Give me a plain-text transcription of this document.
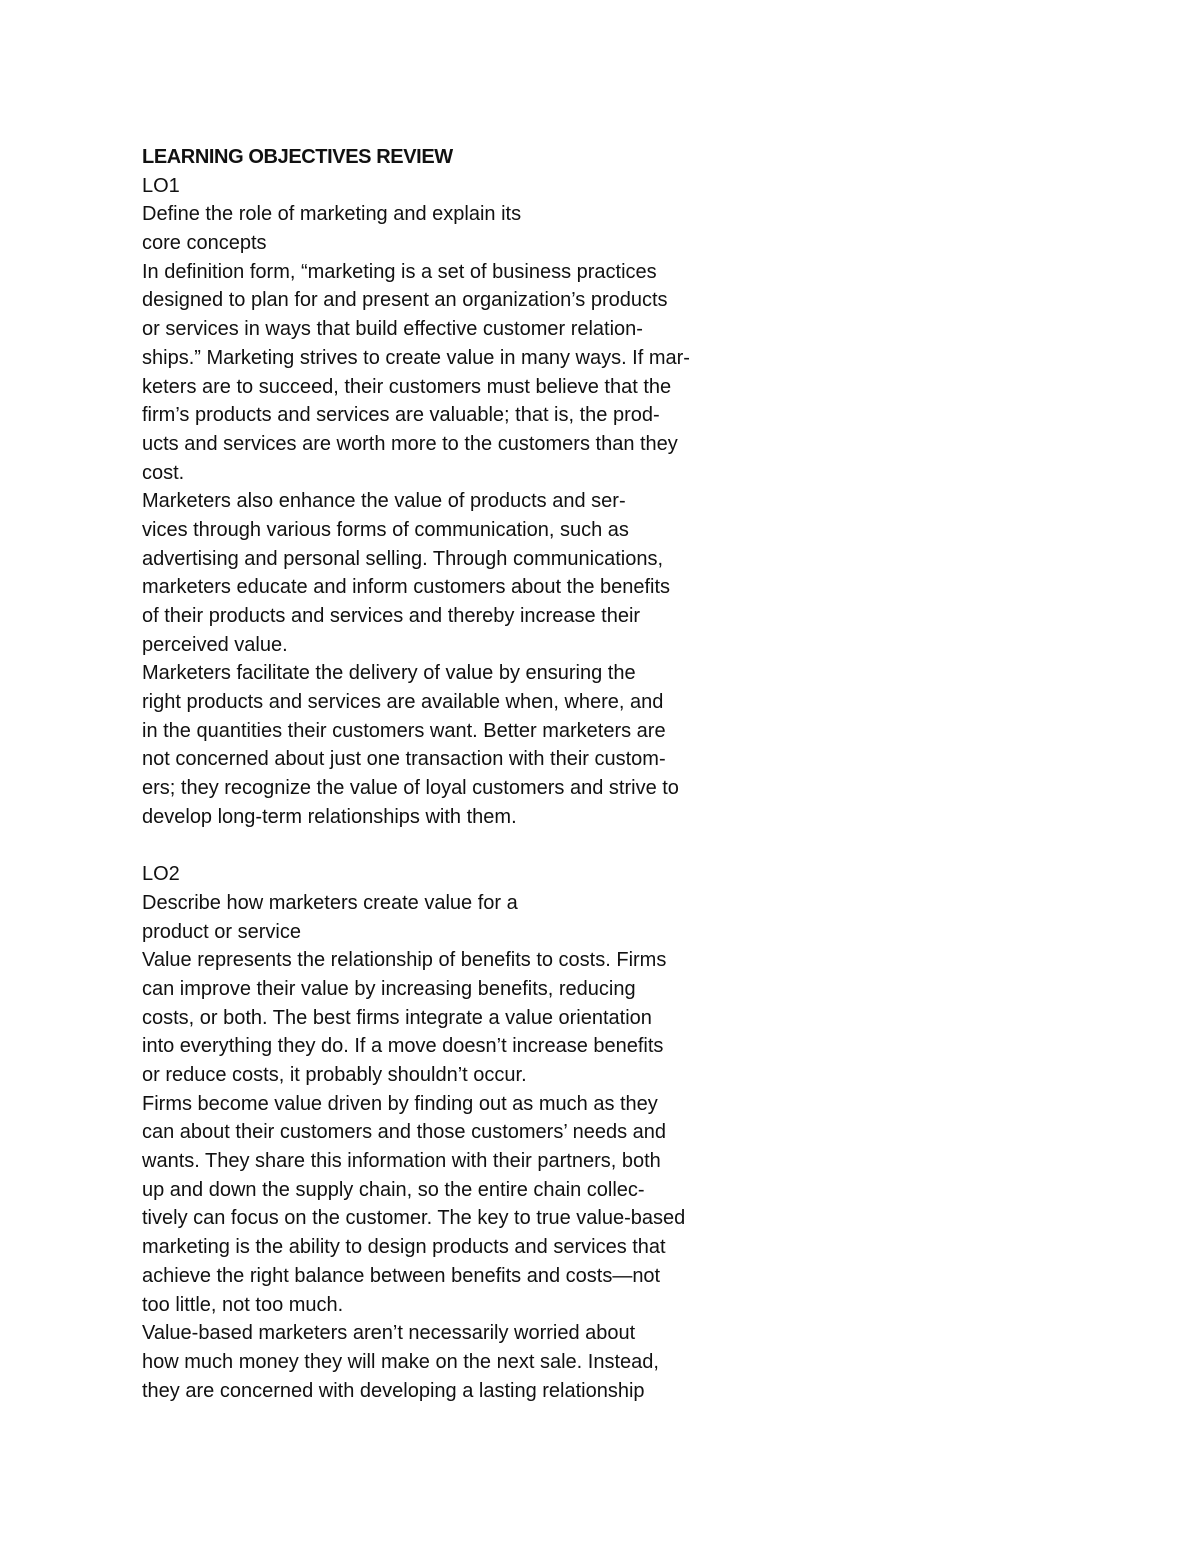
LEARNING OBJECTIVES REVIEW
LO1
Define the role of marketing and explain its
core concepts
In definition form, “marketing is a set of business practices
designed to plan for and present an organization’s products
or services in ways that build effective customer relation-
ships.” Marketing strives to create value in many ways. If mar-
keters are to succeed, their customers must believe that the
firm’s products and services are valuable; that is, the prod-
ucts and services are worth more to the customers than they
cost.
Marketers also enhance the value of products and ser-
vices through various forms of communication, such as
advertising and personal selling. Through communications,
marketers educate and inform customers about the benefits
of their products and services and thereby increase their
perceived value.
Marketers facilitate the delivery of value by ensuring the
right products and services are available when, where, and
in the quantities their customers want. Better marketers are
not concerned about just one transaction with their custom-
ers; they recognize the value of loyal customers and strive to
develop long-term relationships with them.
LO2
Describe how marketers create value for a
product or service
Value represents the relationship of benefits to costs. Firms
can improve their value by increasing benefits, reducing
costs, or both. The best firms integrate a value orientation
into everything they do. If a move doesn’t increase benefits
or reduce costs, it probably shouldn’t occur.
Firms become value driven by finding out as much as they
can about their customers and those customers’ needs and
wants. They share this information with their partners, both
up and down the supply chain, so the entire chain collec-
tively can focus on the customer. The key to true value-based
marketing is the ability to design products and services that
achieve the right balance between benefits and costs—not
too little, not too much.
Value-based marketers aren’t necessarily worried about
how much money they will make on the next sale. Instead,
they are concerned with developing a lasting relationship
